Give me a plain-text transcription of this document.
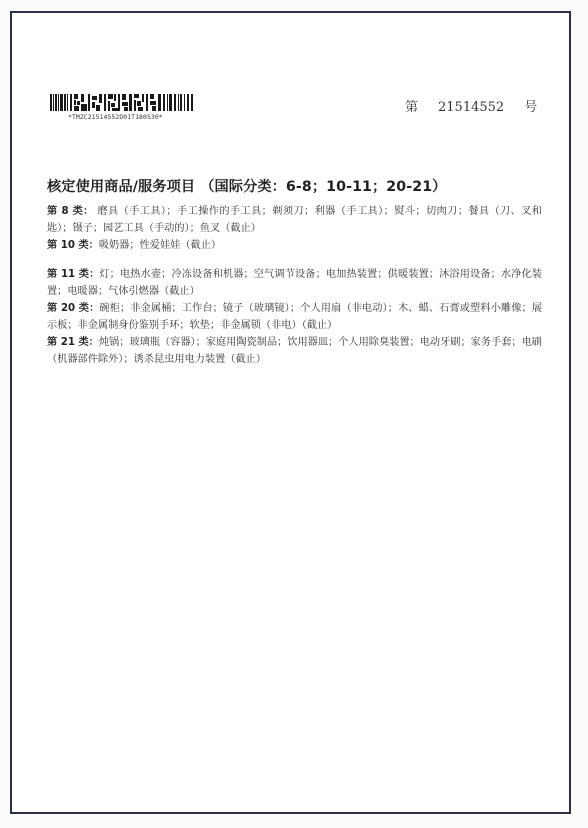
*TMZC21514552D01T180530*
第 21514552 号
核定使用商品/服务项目 （国际分类：6-8；10-11；20-21）

第 8 类： 磨具（手工具）；手工操作的手工具；剃须刀；利器（手工具）；熨斗；切肉刀；餐具（刀、叉和匙）；镊子；园艺工具（手动的）；鱼叉（截止）

第 10 类：吸奶器；性爱娃娃（截止）

第 11 类：灯；电热水壶；冷冻设备和机器；空气调节设备；电加热装置；供暖装置；沐浴用设备；水净化装置；电暖器；气体引燃器（截止）

第 20 类：碗柜；非金属桶；工作台；镜子（玻璃镜）；个人用扇（非电动）；木、蜡、石膏或塑料小雕像；展示板；非金属制身份鉴别手环；软垫；非金属锁（非电）（截止）

第 21 类：炖锅；玻璃瓶（容器）；家庭用陶瓷制品；饮用器皿；个人用除臭装置；电动牙刷；家务手套；电刷（机器部件除外）；诱杀昆虫用电力装置（截止）
